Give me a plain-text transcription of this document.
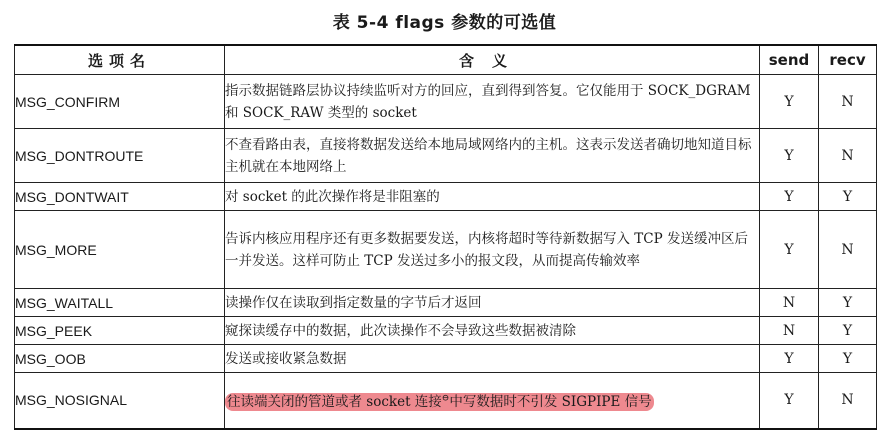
表 5-4 flags 参数的可选值
选项名	含义	send	recv
MSG_CONFIRM	指示数据链路层协议持续监听对方的回应，直到得到答复。它仅能用于 SOCK_DGRAM 和 SOCK_RAW 类型的 socket	Y	N
MSG_DONTROUTE	不查看路由表，直接将数据发送给本地局域网络内的主机。这表示发送者确切地知道目标主机就在本地网络上	Y	N
MSG_DONTWAIT	对 socket 的此次操作将是非阻塞的	Y	Y
MSG_MORE	告诉内核应用程序还有更多数据要发送，内核将超时等待新数据写入 TCP 发送缓冲区后一并发送。这样可防止 TCP 发送过多小的报文段，从而提高传输效率	Y	N
MSG_WAITALL	读操作仅在读取到指定数量的字节后才返回	N	Y
MSG_PEEK	窥探读缓存中的数据，此次读操作不会导致这些数据被清除	N	Y
MSG_OOB	发送或接收紧急数据	Y	Y
MSG_NOSIGNAL	往读端关闭的管道或者 socket 连接⊖中写数据时不引发 SIGPIPE 信号	Y	N
